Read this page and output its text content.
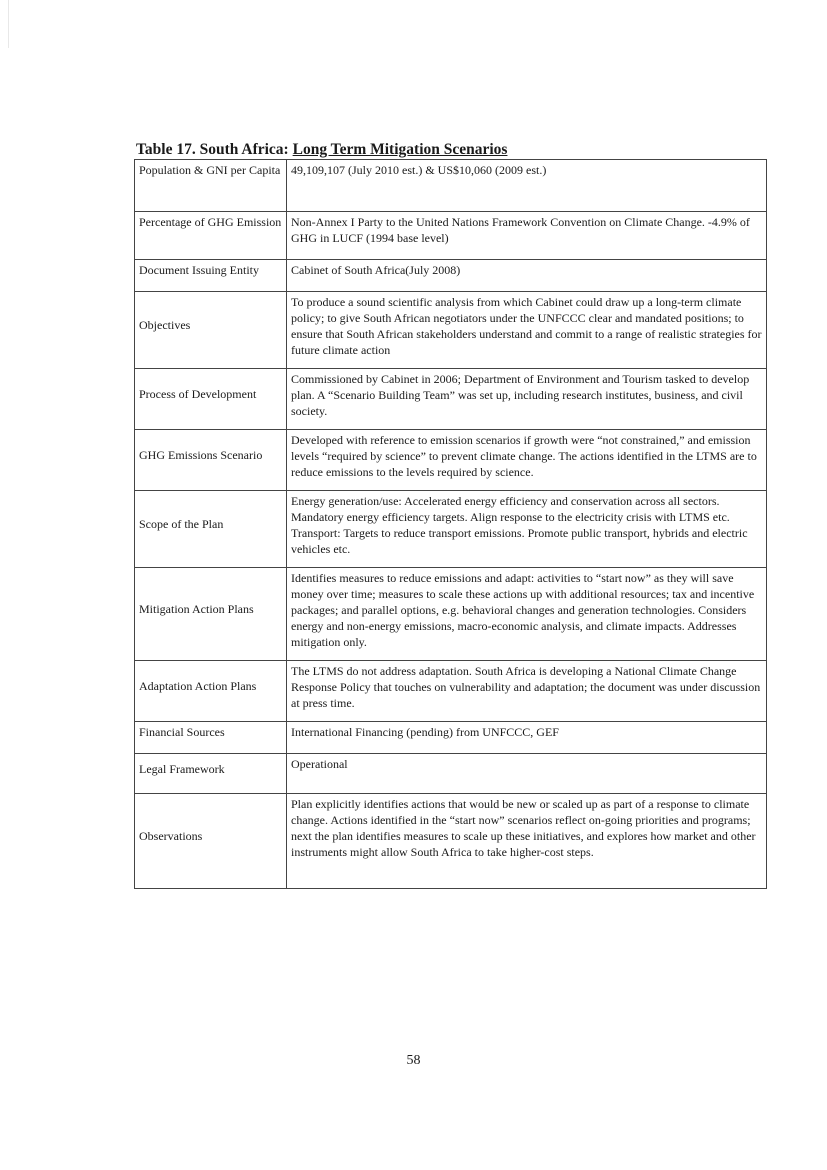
Table 17. South Africa: Long Term Mitigation Scenarios
Population & GNI per Capita	49,109,107 (July 2010 est.) & US$10,060 (2009 est.)
Percentage of GHG Emission	Non-Annex I Party to the United Nations Framework Convention on Climate Change. -4.9% of GHG in LUCF (1994 base level)
Document Issuing Entity	Cabinet of South Africa(July 2008)
Objectives	To produce a sound scientific analysis from which Cabinet could draw up a long-term climate policy; to give South African negotiators under the UNFCCC clear and mandated positions; to ensure that South African stakeholders understand and commit to a range of realistic strategies for future climate action
Process of Development	Commissioned by Cabinet in 2006; Department of Environment and Tourism tasked to develop plan. A “Scenario Building Team” was set up, including research institutes, business, and civil society.
GHG Emissions Scenario	Developed with reference to emission scenarios if growth were “not constrained,” and emission levels “required by science” to prevent climate change. The actions identified in the LTMS are to reduce emissions to the levels required by science.
Scope of the Plan	Energy generation/use: Accelerated energy efficiency and conservation across all sectors. Mandatory energy efficiency targets. Align response to the electricity crisis with LTMS etc. Transport: Targets to reduce transport emissions. Promote public transport, hybrids and electric vehicles etc.
Mitigation Action Plans	Identifies measures to reduce emissions and adapt: activities to “start now” as they will save money over time; measures to scale these actions up with additional resources; tax and incentive packages; and parallel options, e.g. behavioral changes and generation technologies. Considers energy and non-energy emissions, macro-economic analysis, and climate impacts. Addresses mitigation only.
Adaptation Action Plans	The LTMS do not address adaptation. South Africa is developing a National Climate Change Response Policy that touches on vulnerability and adaptation; the document was under discussion at press time.
Financial Sources	International Financing (pending) from UNFCCC, GEF
Legal Framework	Operational
Observations	Plan explicitly identifies actions that would be new or scaled up as part of a response to climate change. Actions identified in the “start now” scenarios reflect on-going priorities and programs; next the plan identifies measures to scale up these initiatives, and explores how market and other instruments might allow South Africa to take higher-cost steps.
58
